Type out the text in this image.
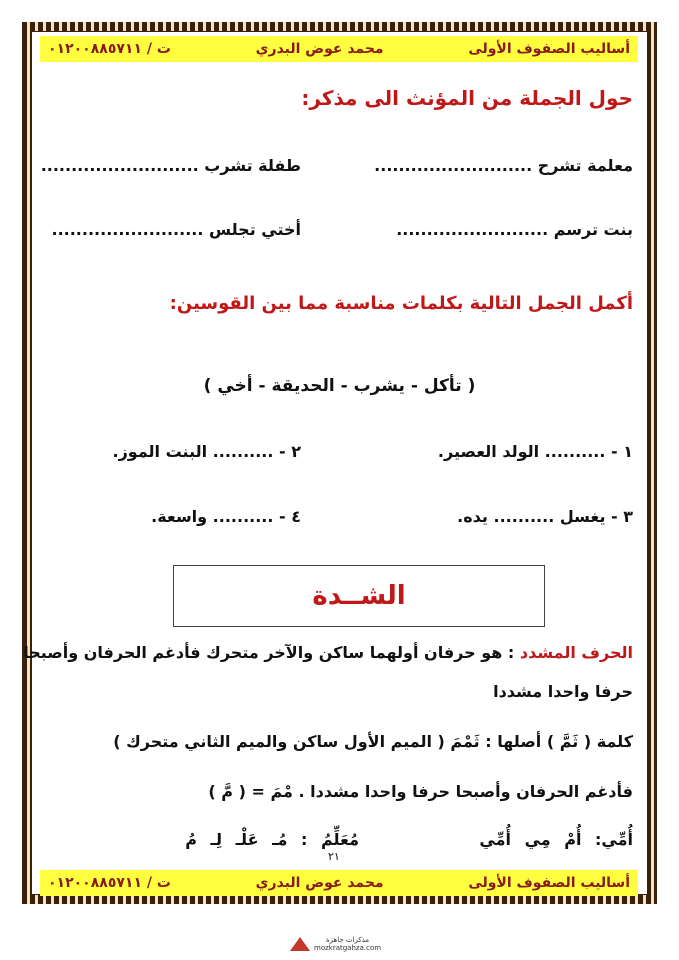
أساليب الصفوف الأولى
محمد عوض البدري
ت / ٠١٢٠٠٨٨٥٧١١
حول الجملة من المؤنث الى مذكر:
معلمة تشرح ..........................
طفلة تشرب ..........................
بنت ترسم .........................
أختي تجلس .........................
أكمل الجمل التالية بكلمات مناسبة مما بين القوسين:
( تأكل - يشرب - الحديقة - أخي )
١ - .......... الولد العصير.
٢ - .......... البنت الموز.
٣ - يغسل .......... يده.
٤ - .......... واسعة.
الشــدة
الحرف المشدد : هو حرفان أولهما ساكن والآخر متحرك فأدغم الحرفان وأصبحا
حرفا واحدا مشددا
كلمة ( ثَمَّ ) أصلها : ثَمْمَ ( الميم الأول ساكن والميم الثاني متحرك )
فأدغم الحرفان وأصبحا حرفا واحدا مشددا . مْمَ = ( مَّ )
أُمِّي: أُمْ مِي أُمِّي
مُعَلِّمُ : مُـ عَلْـ لِـ مُ
٢١
أساليب الصفوف الأولى
محمد عوض البدري
ت / ٠١٢٠٠٨٨٥٧١١
مذكرات جاهزة
mozkratgahza.com
